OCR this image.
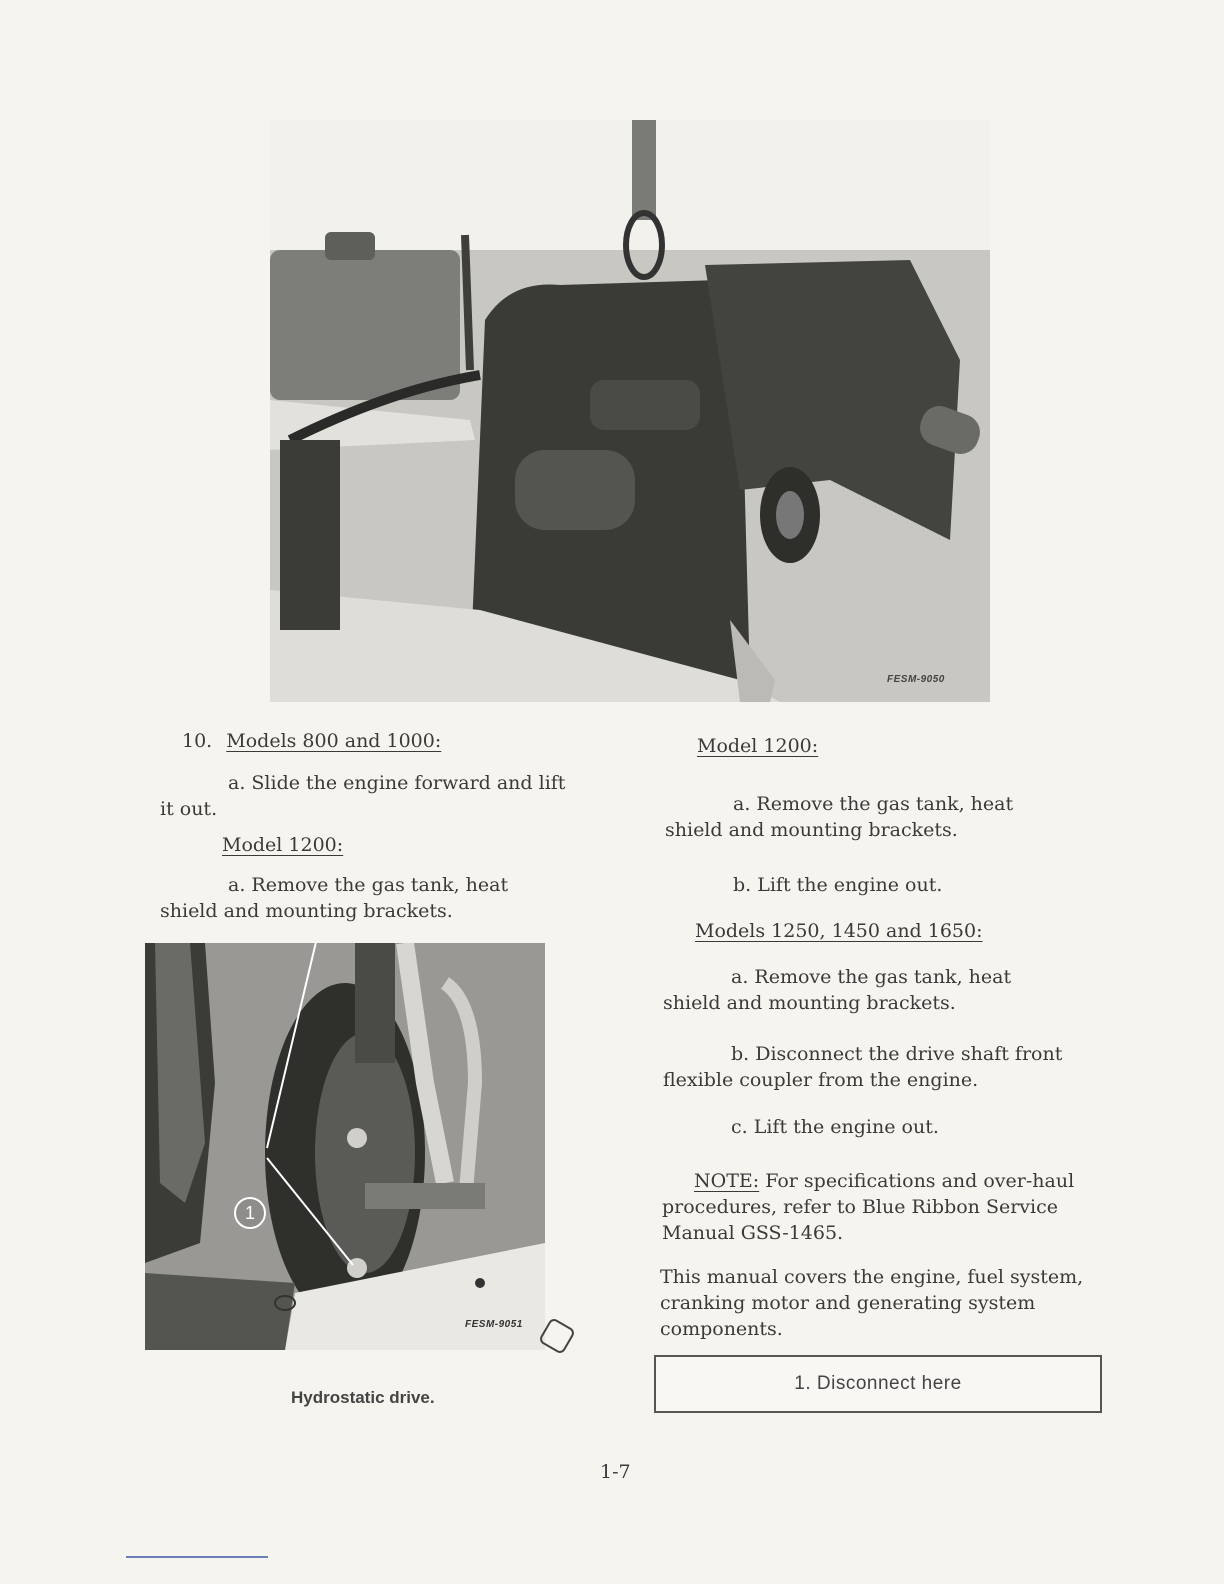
FESM-9050
10. Models 800 and 1000:
a. Slide the engine forward and lift it out.
Model 1200:
a. Remove the gas tank, heat shield and mounting brackets.
1
FESM-9051
Hydrostatic drive.
Model 1200:
a. Remove the gas tank, heat shield and mounting brackets.
b. Lift the engine out.
Models 1250, 1450 and 1650:
a. Remove the gas tank, heat shield and mounting brackets.
b. Disconnect the drive shaft front flexible coupler from the engine.
c. Lift the engine out.
NOTE: For specifications and over-haul procedures, refer to Blue Ribbon Service Manual GSS-1465.
This manual covers the engine, fuel system, cranking motor and generating system components.
1. Disconnect here
1-7
